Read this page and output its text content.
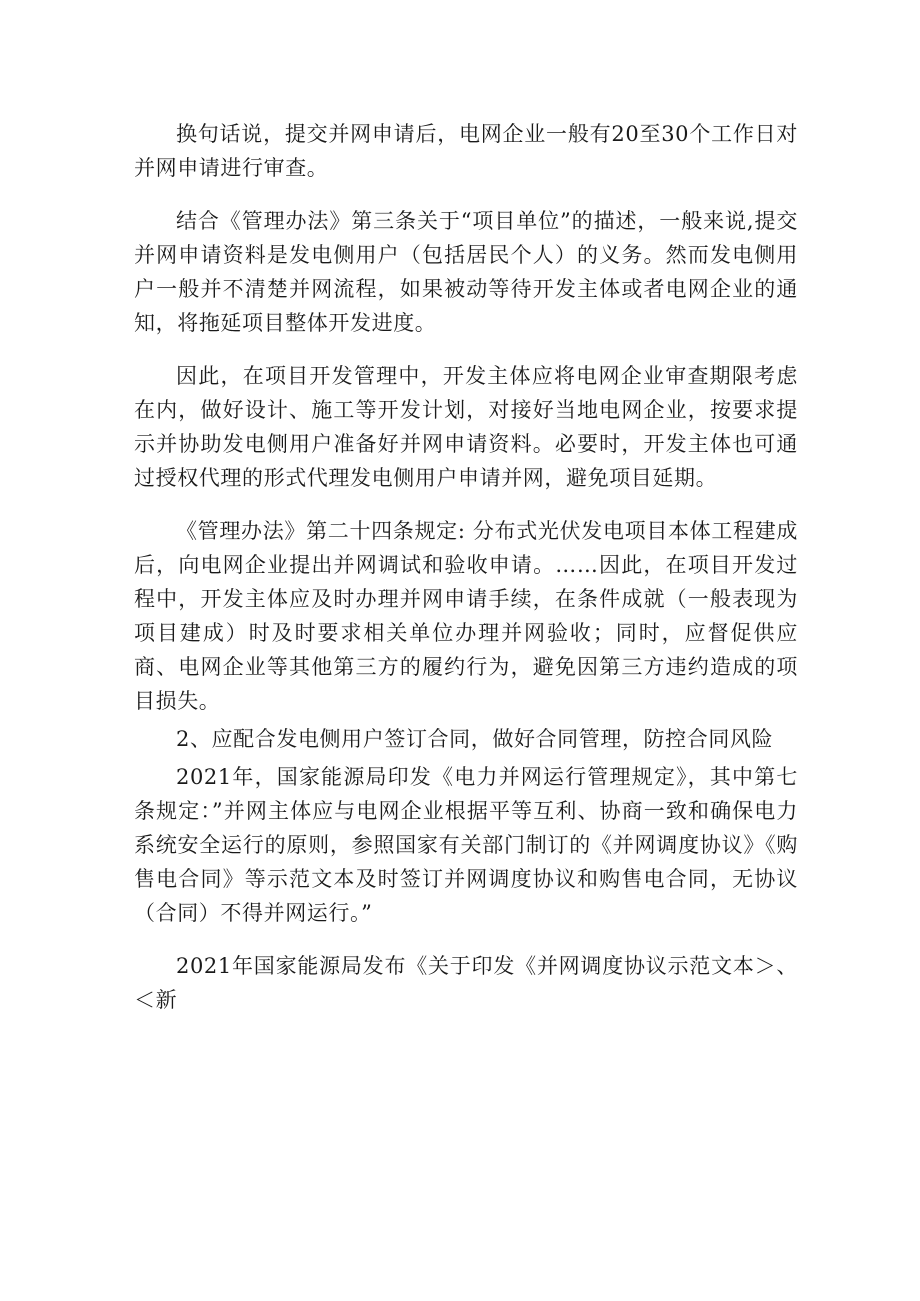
换句话说，提交并网申请后，电网企业一般有20至30个工作日对并网申请进行审查。

结合《管理办法》第三条关于“项目单位”的描述，一般来说,提交并网申请资料是发电侧用户（包括居民个人）的义务。然而发电侧用户一般并不清楚并网流程，如果被动等待开发主体或者电网企业的通知，将拖延项目整体开发进度。

因此，在项目开发管理中，开发主体应将电网企业审查期限考虑在内，做好设计、施工等开发计划，对接好当地电网企业，按要求提示并协助发电侧用户准备好并网申请资料。必要时，开发主体也可通过授权代理的形式代理发电侧用户申请并网，避免项目延期。

《管理办法》第二十四条规定: 分布式光伏发电项目本体工程建成后，向电网企业提出并网调试和验收申请。……因此，在项目开发过程中，开发主体应及时办理并网申请手续，在条件成就（一般表现为项目建成）时及时要求相关单位办理并网验收；同时，应督促供应商、电网企业等其他第三方的履约行为，避免因第三方违约造成的项目损失。

2、应配合发电侧用户签订合同，做好合同管理，防控合同风险

2021年，国家能源局印发《电力并网运行管理规定》，其中第七条规定：”并网主体应与电网企业根据平等互利、协商一致和确保电力系统安全运行的原则，参照国家有关部门制订的《并网调度协议》《购售电合同》等示范文本及时签订并网调度协议和购售电合同，无协议（合同）不得并网运行。”

2021年国家能源局发布《关于印发《并网调度协议示范文本＞、＜新
